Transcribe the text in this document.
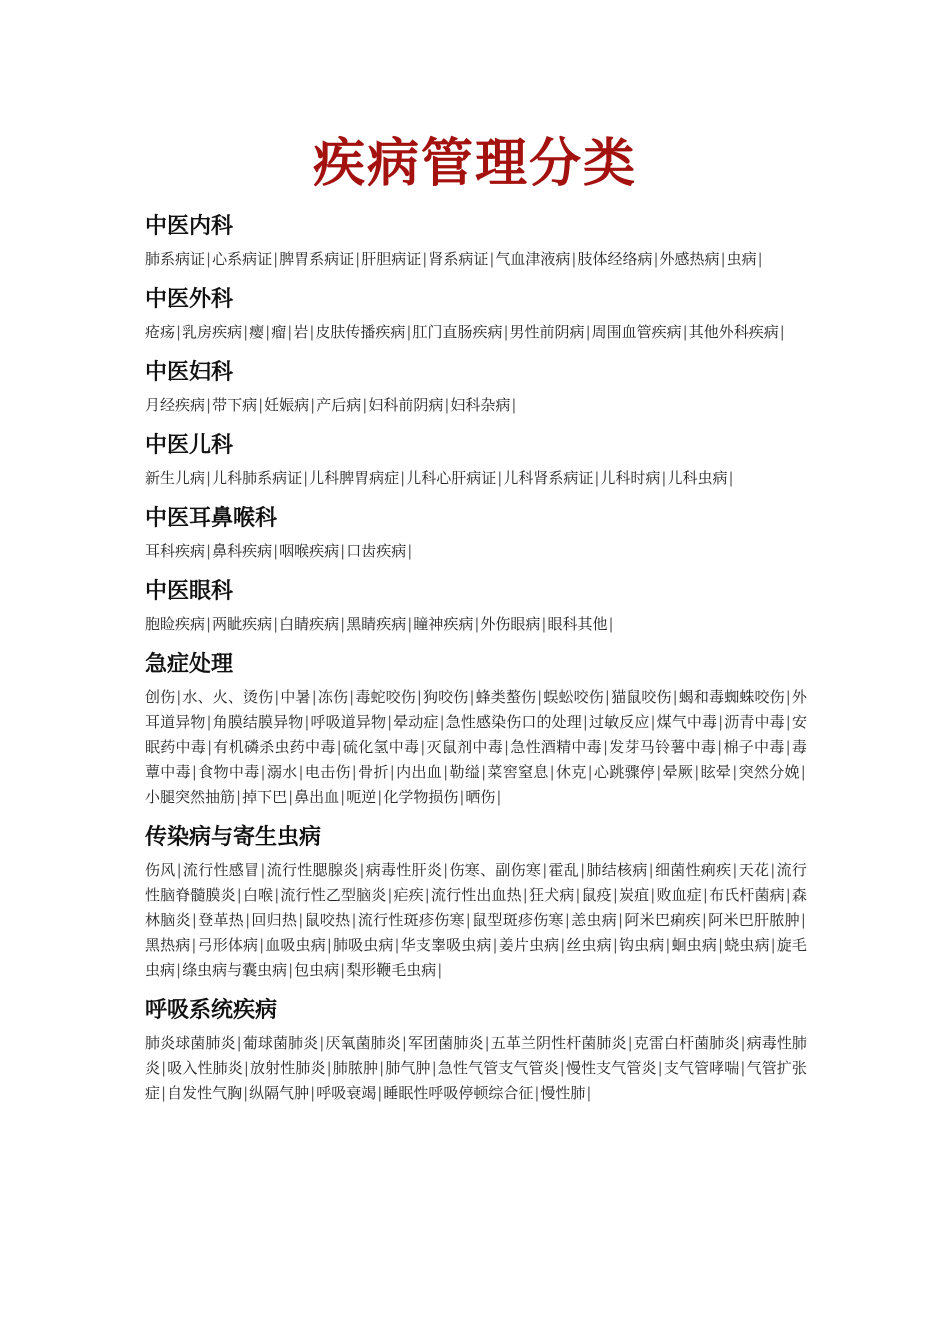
疾病管理分类
中医内科

肺系病证|心系病证|脾胃系病证|肝胆病证|肾系病证|气血津液病|肢体经络病|外感热病|虫病|

中医外科

疮疡|乳房疾病|瘿|瘤|岩|皮肤传播疾病|肛门直肠疾病|男性前阴病|周围血管疾病|其他外科疾病|

中医妇科

月经疾病|带下病|妊娠病|产后病|妇科前阴病|妇科杂病|

中医儿科

新生儿病|儿科肺系病证|儿科脾胃病症|儿科心肝病证|儿科肾系病证|儿科时病|儿科虫病|

中医耳鼻喉科

耳科疾病|鼻科疾病|咽喉疾病|口齿疾病|

中医眼科

胞睑疾病|两眦疾病|白睛疾病|黑睛疾病|瞳神疾病|外伤眼病|眼科其他|

急症处理

创伤|水、火、烫伤|中暑|冻伤|毒蛇咬伤|狗咬伤|蜂类螯伤|蜈蚣咬伤|猫鼠咬伤|蝎和毒蜘蛛咬伤|外耳道异物|角膜结膜异物|呼吸道异物|晕动症|急性感染伤口的处理|过敏反应|煤气中毒|沥青中毒|安眠药中毒|有机磷杀虫药中毒|硫化氢中毒|灭鼠剂中毒|急性酒精中毒|发芽马铃薯中毒|棉子中毒|毒蕈中毒|食物中毒|溺水|电击伤|骨折|内出血|勒缢|菜窖窒息|休克|心跳骤停|晕厥|眩晕|突然分娩|小腿突然抽筋|掉下巴|鼻出血|呃逆|化学物损伤|晒伤|

传染病与寄生虫病

伤风|流行性感冒|流行性腮腺炎|病毒性肝炎|伤寒、副伤寒|霍乱|肺结核病|细菌性痢疾|天花|流行性脑脊髓膜炎|白喉|流行性乙型脑炎|疟疾|流行性出血热|狂犬病|鼠疫|炭疽|败血症|布氏杆菌病|森林脑炎|登革热|回归热|鼠咬热|流行性斑疹伤寒|鼠型斑疹伤寒|恙虫病|阿米巴痢疾|阿米巴肝脓肿|黑热病|弓形体病|血吸虫病|肺吸虫病|华支睾吸虫病|姜片虫病|丝虫病|钩虫病|蛔虫病|蛲虫病|旋毛虫病|绦虫病与囊虫病|包虫病|梨形鞭毛虫病|

呼吸系统疾病

肺炎球菌肺炎|葡球菌肺炎|厌氧菌肺炎|军团菌肺炎|五革兰阴性杆菌肺炎|克雷白杆菌肺炎|病毒性肺炎|吸入性肺炎|放射性肺炎|肺脓肿|肺气肿|急性气管支气管炎|慢性支气管炎|支气管哮喘|气管扩张症|自发性气胸|纵隔气肿|呼吸衰竭|睡眠性呼吸停顿综合征|慢性肺|
